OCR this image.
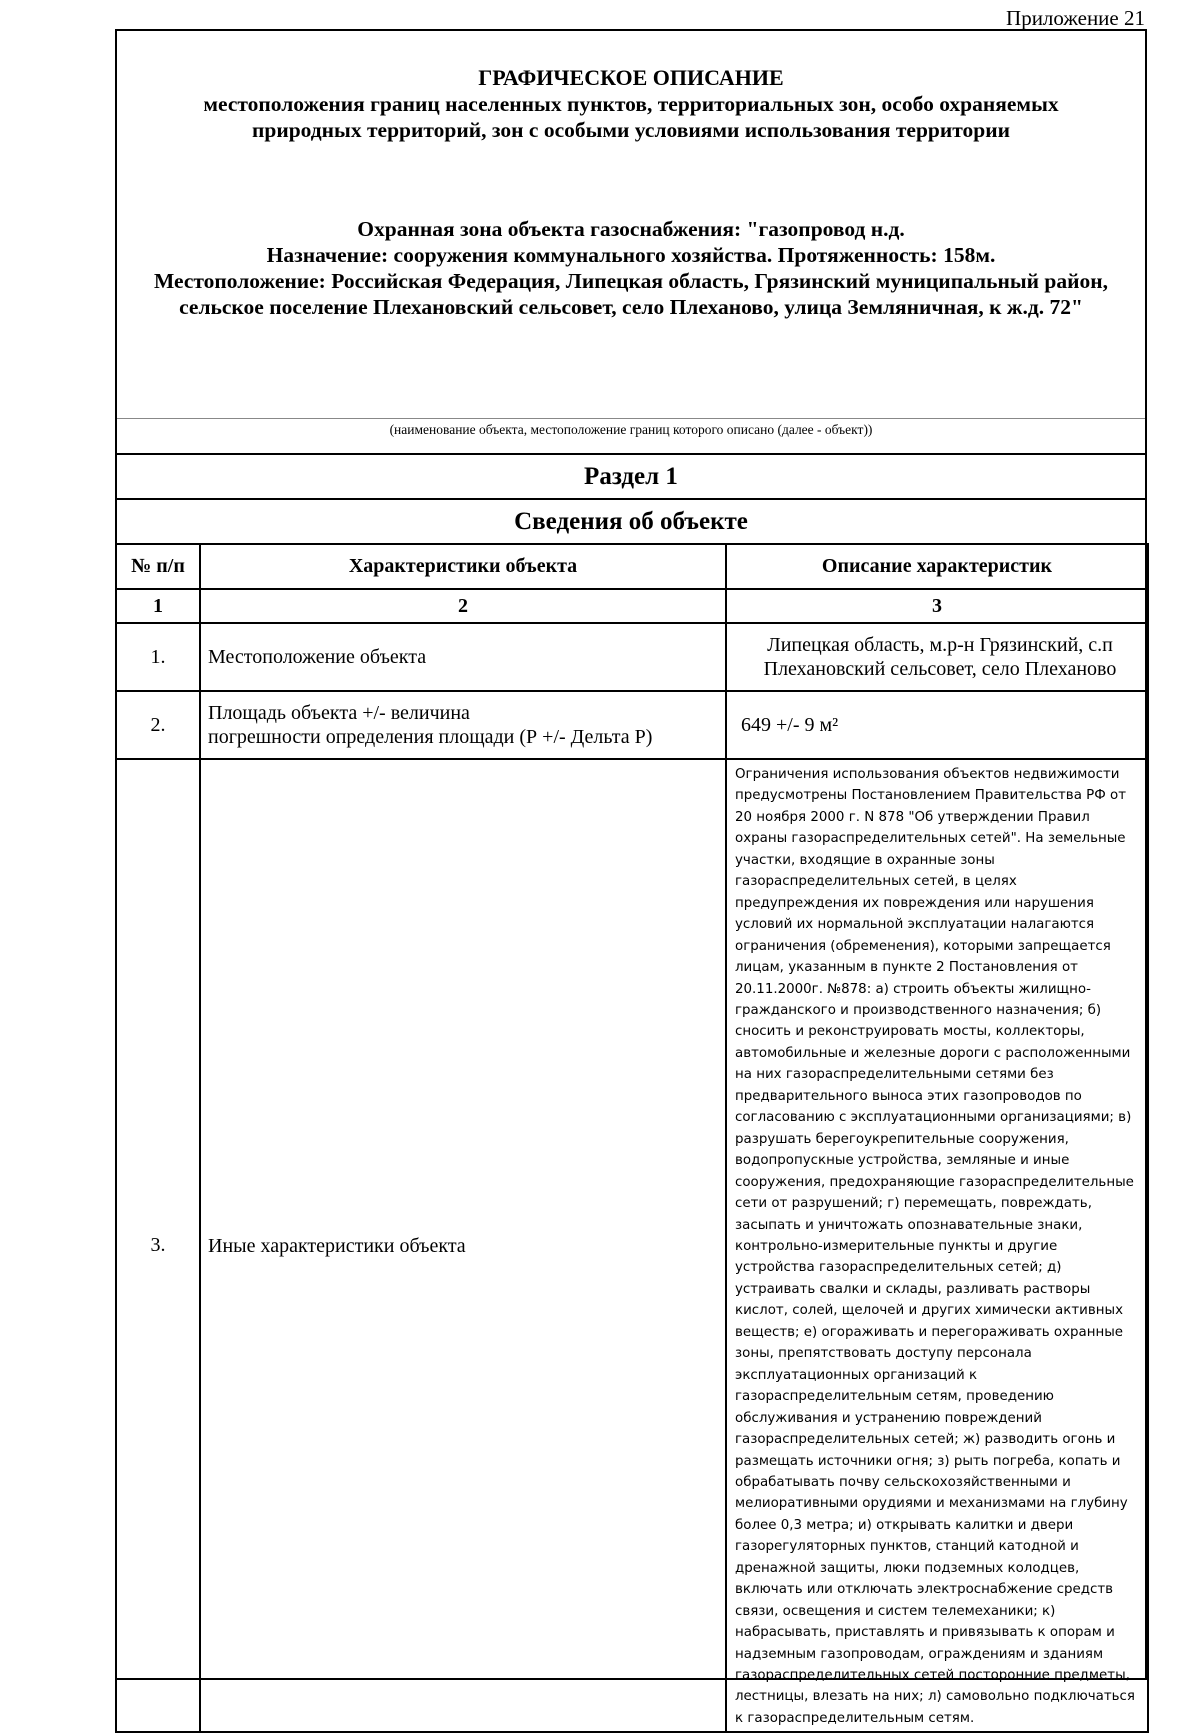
Приложение 21
ГРАФИЧЕСКОЕ ОПИСАНИЕ
местоположения границ населенных пунктов, территориальных зон, особо охраняемых
природных территорий, зон с особыми условиями использования территории
Охранная зона объекта газоснабжения: "газопровод н.д.
Назначение: сооружения коммунального хозяйства. Протяженность: 158м.
Местоположение: Российская Федерация, Липецкая область, Грязинский муниципальный район, сельское поселение Плехановский сельсовет, село Плеханово, улица Земляничная, к ж.д. 72"
(наименование объекта, местоположение границ которого описано (далее - объект))
Раздел 1
Сведения об объекте
№ п/п	Характеристики объекта	Описание характеристик
1	2	3
1.	Местоположение объекта	Липецкая область, м.р-н Грязинский, с.п
Плехановский сельсовет, село Плеханово

2.	Площадь объекта +/- величина
погрешности определения площади (Р +/- Дельта Р)	649 +/- 9 м²
3.	Иные характеристики объекта	Ограничения использования объектов недвижимости предусмотрены Постановлением Правительства РФ от 20 ноября 2000 г. N 878 "Об утверждении Правил охраны газораспределительных сетей". На земельные участки, входящие в охранные зоны газораспределительных сетей, в целях предупреждения их повреждения или нарушения условий их нормальной эксплуатации налагаются ограничения (обременения), которыми запрещается лицам, указанным в пункте 2 Постановления от 20.11.2000г. №878: а) строить объекты жилищно-гражданского и производственного назначения; б) сносить и реконструировать мосты, коллекторы, автомобильные и железные дороги с расположенными на них газораспределительными сетями без предварительного выноса этих газопроводов по согласованию с эксплуатационными организациями; в) разрушать берегоукрепительные сооружения, водопропускные устройства, земляные и иные сооружения, предохраняющие газораспределительные сети от разрушений; г) перемещать, повреждать, засыпать и уничтожать опознавательные знаки, контрольно-измерительные пункты и другие устройства газораспределительных сетей; д) устраивать свалки и склады, разливать растворы кислот, солей, щелочей и других химически активных веществ; е) огораживать и перегораживать охранные зоны, препятствовать доступу персонала эксплуатационных организаций к газораспределительным сетям, проведению обслуживания и устранению повреждений газораспределительных сетей; ж) разводить огонь и размещать источники огня; з) рыть погреба, копать и обрабатывать почву сельскохозяйственными и мелиоративными орудиями и механизмами на глубину более 0,3 метра; и) открывать калитки и двери газорегуляторных пунктов, станций катодной и дренажной защиты, люки подземных колодцев, включать или отключать электроснабжение средств связи, освещения и систем телемеханики; к) набрасывать, приставлять и привязывать к опорам и надземным газопроводам, ограждениям и зданиям газораспределительных сетей посторонние предметы, лестницы, влезать на них; л) самовольно подключаться к газораспределительным сетям.
